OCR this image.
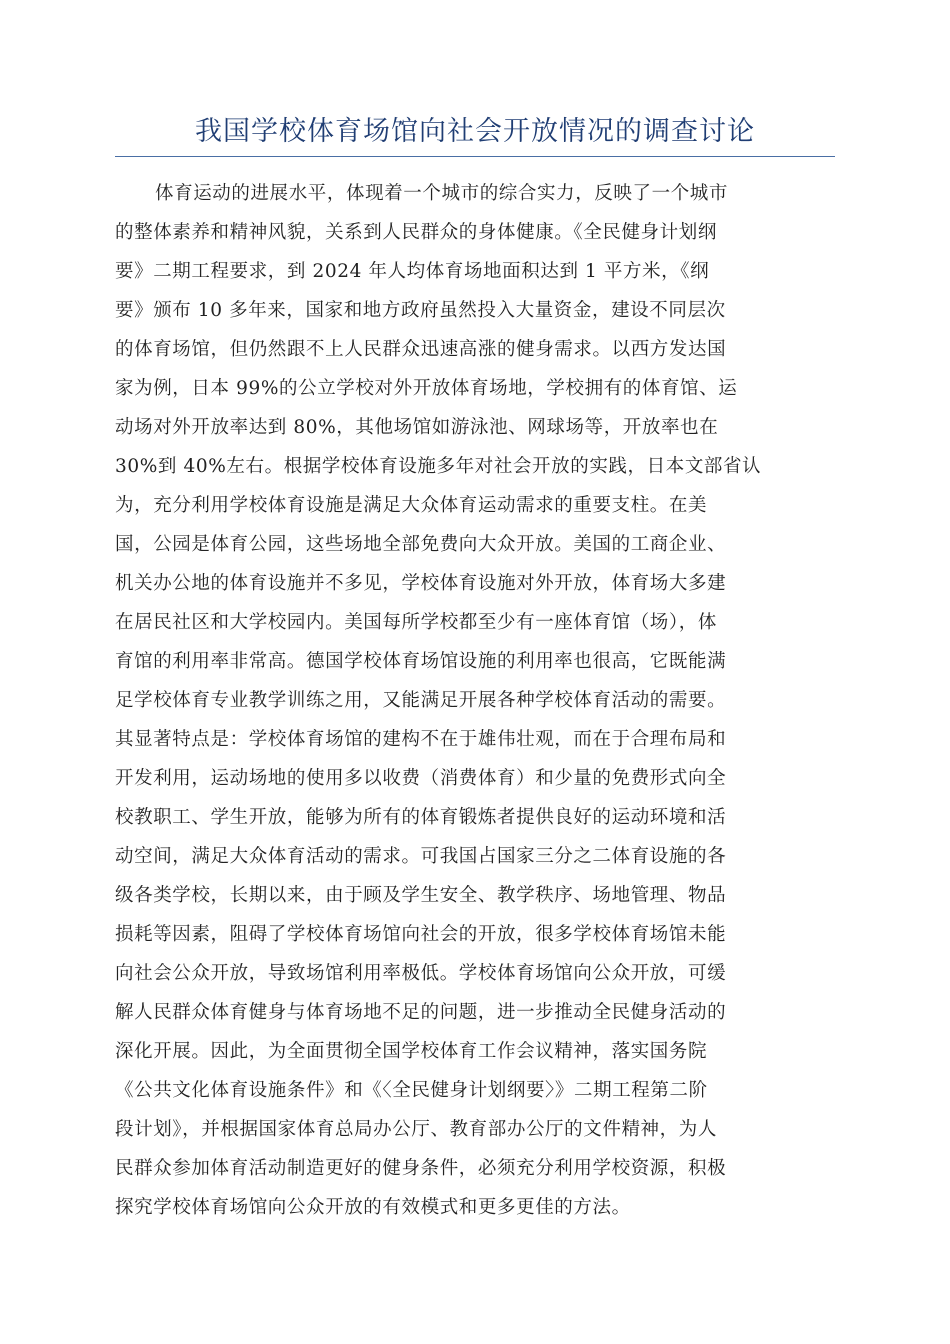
我国学校体育场馆向社会开放情况的调查讨论
体育运动的进展水平，体现着一个城市的综合实力，反映了一个城市
的整体素养和精神风貌，关系到人民群众的身体健康。《全民健身计划纲
要》二期工程要求，到 2024 年人均体育场地面积达到 1 平方米，《纲
要》颁布 10 多年来，国家和地方政府虽然投入大量资金，建设不同层次
的体育场馆，但仍然跟不上人民群众迅速高涨的健身需求。以西方发达国
家为例，日本 99%的公立学校对外开放体育场地，学校拥有的体育馆、运
动场对外开放率达到 80%，其他场馆如游泳池、网球场等，开放率也在
30%到 40%左右。根据学校体育设施多年对社会开放的实践，日本文部省认
为，充分利用学校体育设施是满足大众体育运动需求的重要支柱。在美
国，公园是体育公园，这些场地全部免费向大众开放。美国的工商企业、
机关办公地的体育设施并不多见，学校体育设施对外开放，体育场大多建
在居民社区和大学校园内。美国每所学校都至少有一座体育馆（场），体
育馆的利用率非常高。德国学校体育场馆设施的利用率也很高，它既能满
足学校体育专业教学训练之用，又能满足开展各种学校体育活动的需要。
其显著特点是：学校体育场馆的建构不在于雄伟壮观，而在于合理布局和
开发利用，运动场地的使用多以收费（消费体育）和少量的免费形式向全
校教职工、学生开放，能够为所有的体育锻炼者提供良好的运动环境和活
动空间，满足大众体育活动的需求。可我国占国家三分之二体育设施的各
级各类学校，长期以来，由于顾及学生安全、教学秩序、场地管理、物品
损耗等因素，阻碍了学校体育场馆向社会的开放，很多学校体育场馆未能
向社会公众开放，导致场馆利用率极低。学校体育场馆向公众开放，可缓
解人民群众体育健身与体育场地不足的问题，进一步推动全民健身活动的
深化开展。因此，为全面贯彻全国学校体育工作会议精神，落实国务院
《公共文化体育设施条件》和《〈全民健身计划纲要〉》二期工程第二阶
段计划》，并根据国家体育总局办公厅、教育部办公厅的文件精神，为人
民群众参加体育活动制造更好的健身条件，必须充分利用学校资源，积极
探究学校体育场馆向公众开放的有效模式和更多更佳的方法。
